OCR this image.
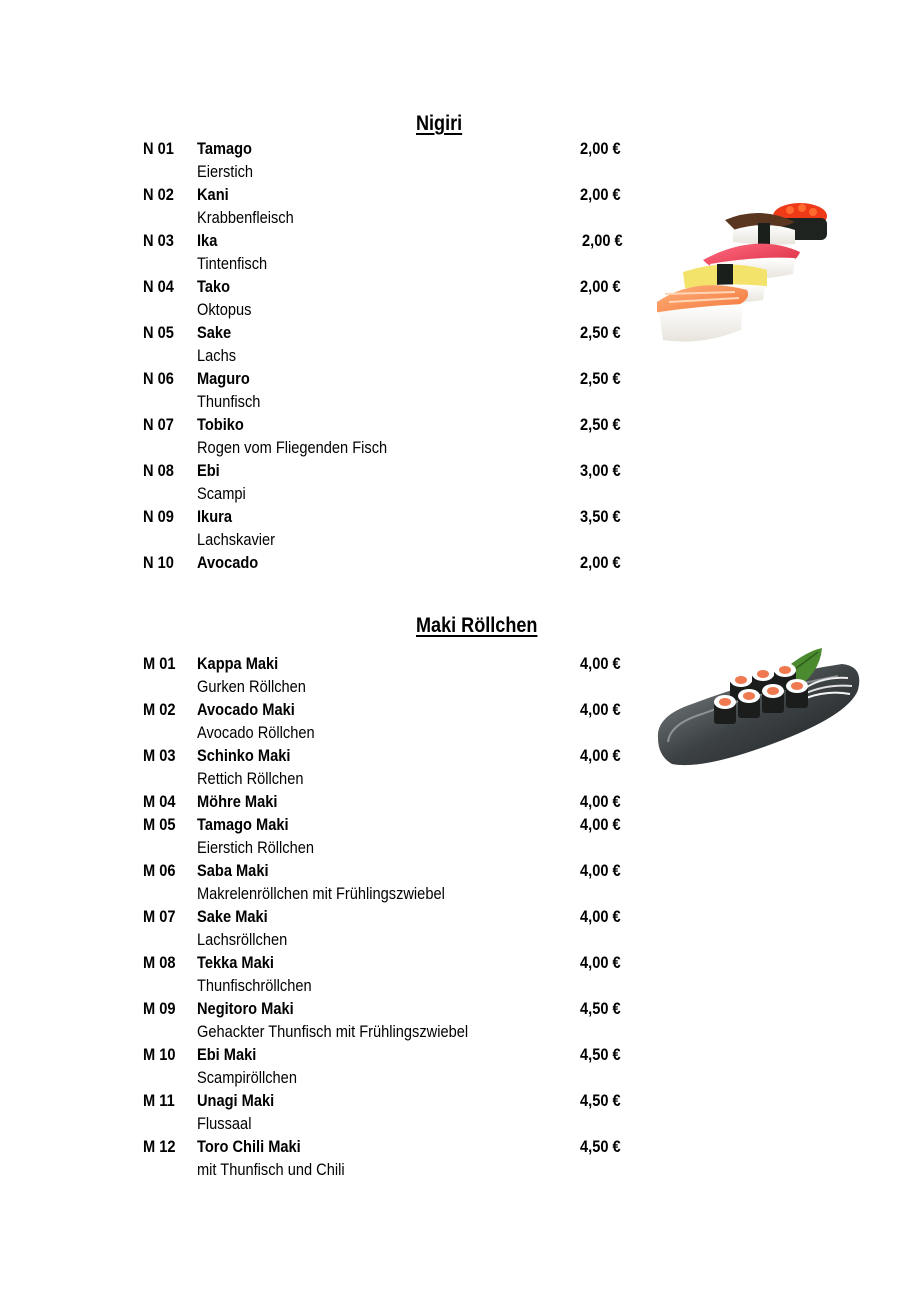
Nigiri
N 01 Tamago	2,00 €
Eierstich
N 02 Kani	2,00 €
Krabbenfleisch
N 03 Ika	2,00 €
Tintenfisch
N 04 Tako	2,00 €
Oktopus
N 05 Sake	2,50 €
Lachs
N 06 Maguro	2,50 €
Thunfisch
N 07 Tobiko	2,50 €
Rogen vom Fliegenden Fisch
N 08 Ebi	3,00 €
Scampi
N 09 Ikura	3,50 €
Lachskavier
N 10 Avocado	2,00 €
Maki Röllchen
M 01 Kappa Maki	4,00 €
Gurken Röllchen
M 02 Avocado Maki	4,00 €
Avocado Röllchen
M 03 Schinko Maki	4,00 €
Rettich Röllchen
M 04 Möhre Maki	4,00 €
M 05 Tamago Maki	4,00 €
Eierstich Röllchen
M 06 Saba Maki	4,00 €
Makrelenröllchen mit Frühlingszwiebel
M 07 Sake Maki	4,00 €
Lachsröllchen
M 08 Tekka Maki	4,00 €
Thunfischröllchen
M 09 Negitoro Maki	4,50 €
Gehackter Thunfisch mit Frühlingszwiebel
M 10 Ebi Maki	4,50 €
Scampiröllchen
M 11 Unagi Maki	4,50 €
Flussaal
M 12 Toro Chili Maki	4,50 €
mit Thunfisch und Chili
